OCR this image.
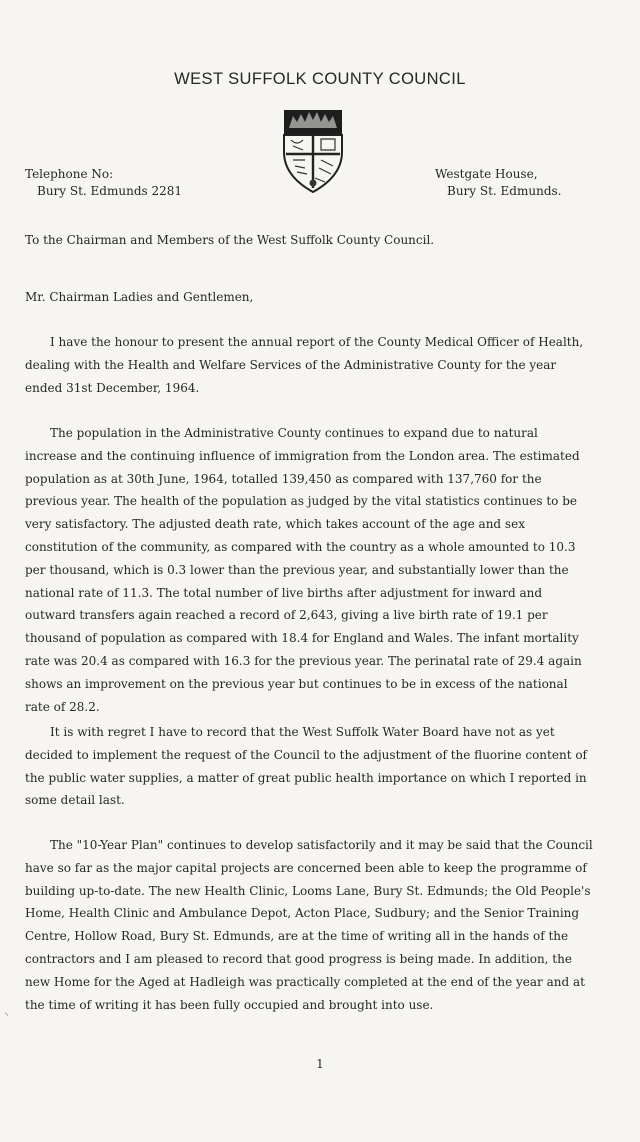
WEST SUFFOLK COUNTY COUNCIL
Telephone No:
Bury St. Edmunds 2281
Westgate House,
Bury St. Edmunds.

To the Chairman and Members of the West Suffolk County Council.

Mr. Chairman Ladies and Gentlemen,

I have the honour to present the annual report of the County Medical Officer of Health, dealing with the Health and Welfare Services of the Administrative County for the year ended 31st December, 1964.

The population in the Administrative County continues to expand due to natural increase and the continuing influence of immigration from the London area. The estimated population as at 30th June, 1964, totalled 139,450 as compared with 137,760 for the previous year. The health of the population as judged by the vital statistics continues to be very satisfactory. The adjusted death rate, which takes account of the age and sex constitution of the community, as compared with the country as a whole amounted to 10.3 per thousand, which is 0.3 lower than the previous year, and substantially lower than the national rate of 11.3. The total number of live births after adjustment for inward and outward transfers again reached a record of 2,643, giving a live birth rate of 19.1 per thousand of population as compared with 18.4 for England and Wales. The infant mortality rate was 20.4 as compared with 16.3 for the previous year. The perinatal rate of 29.4 again shows an improvement on the previous year but continues to be in excess of the national rate of 28.2.

It is with regret I have to record that the West Suffolk Water Board have not as yet decided to implement the request of the Council to the adjustment of the fluorine content of the public water supplies, a matter of great public health importance on which I reported in some detail last.

The "10-Year Plan" continues to develop satisfactorily and it may be said that the Council have so far as the major capital projects are concerned been able to keep the programme of building up-to-date. The new Health Clinic, Looms Lane, Bury St. Edmunds; the Old People's Home, Health Clinic and Ambulance Depot, Acton Place, Sudbury; and the Senior Training Centre, Hollow Road, Bury St. Edmunds, are at the time of writing all in the hands of the contractors and I am pleased to record that good progress is being made. In addition, the new Home for the Aged at Hadleigh was practically completed at the end of the year and at the time of writing it has been fully occupied and brought into use.

⸜
1
